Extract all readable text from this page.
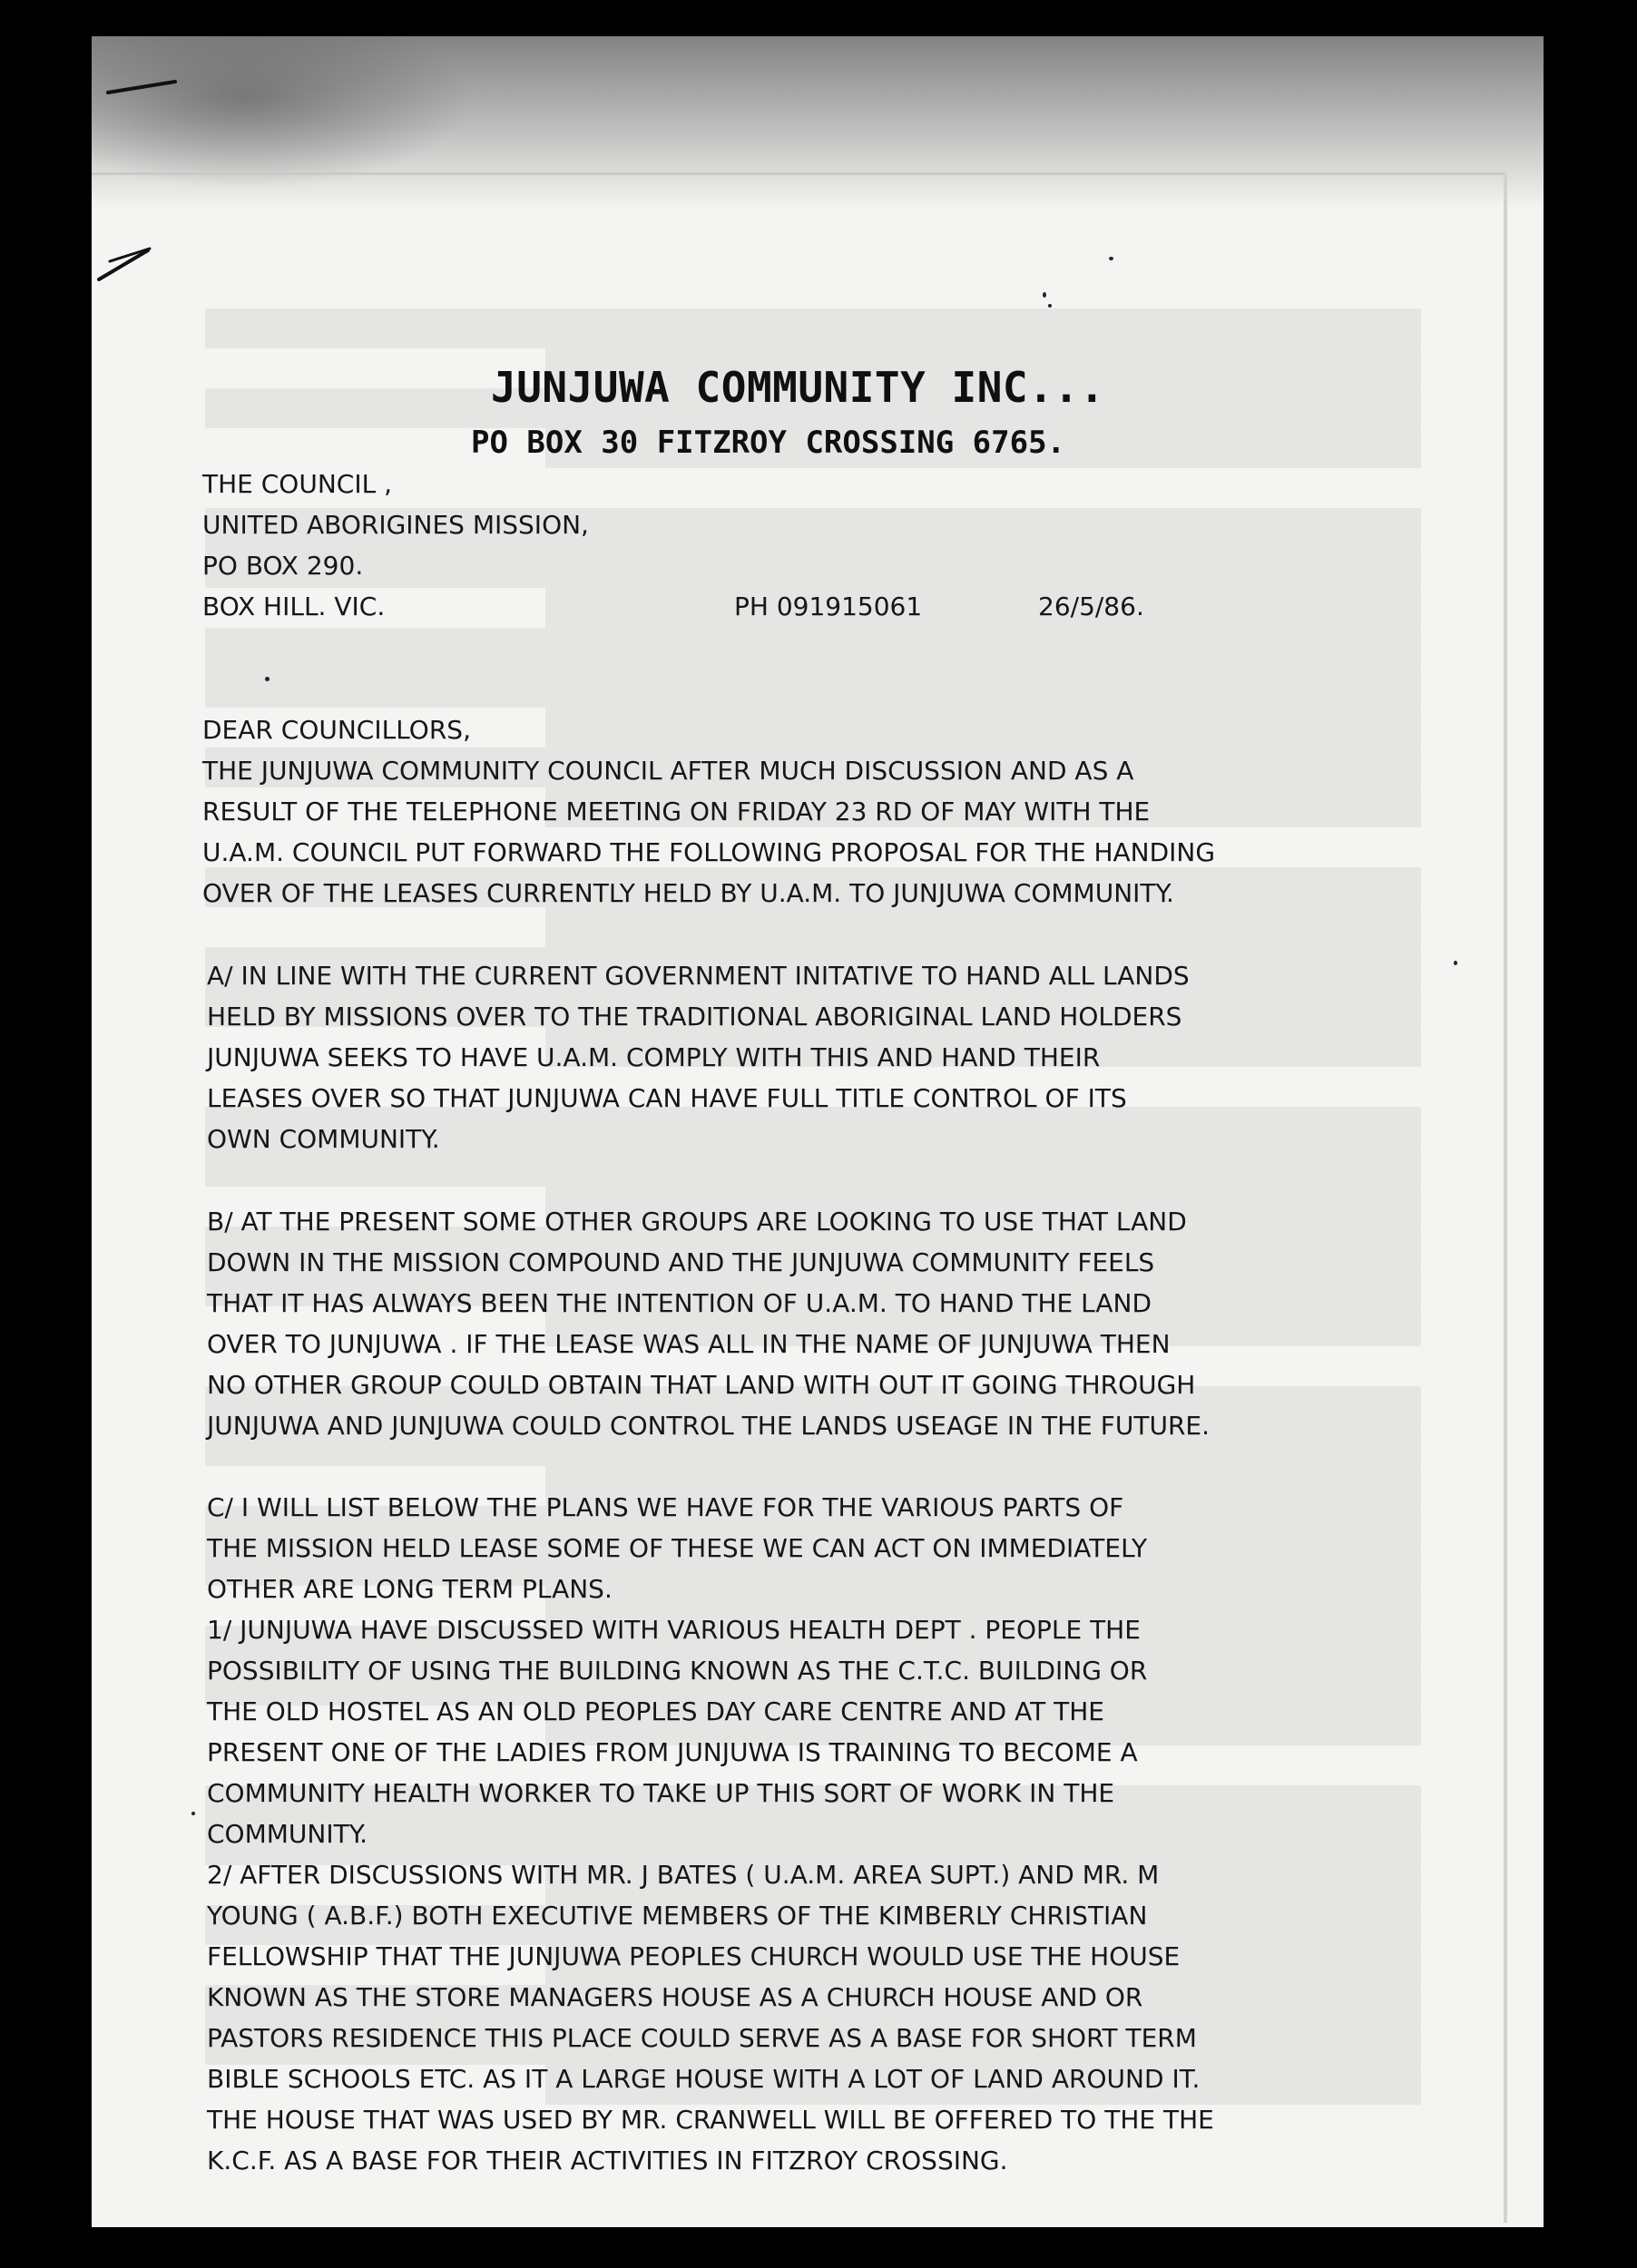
JUNJUWA COMMUNITY INC...
PO BOX 30 FITZROY CROSSING 6765.
THE COUNCIL ,
UNITED ABORIGINES MISSION,
PO BOX 290.
BOX HILL. VIC.	PH 091915061	26/5/86.
DEAR COUNCILLORS,
THE JUNJUWA COMMUNITY COUNCIL AFTER MUCH DISCUSSION AND AS A
RESULT OF THE TELEPHONE MEETING ON FRIDAY 23 RD OF MAY WITH THE
U.A.M. COUNCIL PUT FORWARD THE FOLLOWING PROPOSAL FOR THE HANDING
OVER OF THE LEASES CURRENTLY HELD BY U.A.M. TO JUNJUWA COMMUNITY.
A/ IN LINE WITH THE CURRENT GOVERNMENT INITATIVE TO HAND ALL LANDS
HELD BY MISSIONS OVER TO THE TRADITIONAL ABORIGINAL LAND HOLDERS
JUNJUWA SEEKS TO HAVE U.A.M. COMPLY WITH THIS AND HAND THEIR
LEASES OVER SO THAT JUNJUWA CAN HAVE FULL TITLE CONTROL OF ITS
OWN COMMUNITY.
B/ AT THE PRESENT SOME OTHER GROUPS ARE LOOKING TO USE THAT LAND
DOWN IN THE MISSION COMPOUND AND THE JUNJUWA COMMUNITY FEELS
THAT IT HAS ALWAYS BEEN THE INTENTION OF U.A.M. TO HAND THE LAND
OVER TO JUNJUWA . IF THE LEASE WAS ALL IN THE NAME OF JUNJUWA THEN
NO OTHER GROUP COULD OBTAIN THAT LAND WITH OUT IT GOING THROUGH
JUNJUWA AND JUNJUWA COULD CONTROL THE LANDS USEAGE IN THE FUTURE.
C/ I WILL LIST BELOW THE PLANS WE HAVE FOR THE VARIOUS PARTS OF
THE MISSION HELD LEASE SOME OF THESE WE CAN ACT ON IMMEDIATELY
OTHER ARE LONG TERM PLANS.
1/ JUNJUWA HAVE DISCUSSED WITH VARIOUS HEALTH DEPT . PEOPLE THE
POSSIBILITY OF USING THE BUILDING KNOWN AS THE C.T.C. BUILDING OR
THE OLD HOSTEL AS AN OLD PEOPLES DAY CARE CENTRE AND AT THE
PRESENT ONE OF THE LADIES FROM JUNJUWA IS TRAINING TO BECOME A
COMMUNITY HEALTH WORKER TO TAKE UP THIS SORT OF WORK IN THE
COMMUNITY.
2/ AFTER DISCUSSIONS WITH MR. J BATES ( U.A.M. AREA SUPT.) AND MR. M
YOUNG ( A.B.F.) BOTH EXECUTIVE MEMBERS OF THE KIMBERLY CHRISTIAN
FELLOWSHIP THAT THE JUNJUWA PEOPLES CHURCH WOULD USE THE HOUSE
KNOWN AS THE STORE MANAGERS HOUSE AS A CHURCH HOUSE AND OR
PASTORS RESIDENCE THIS PLACE COULD SERVE AS A BASE FOR SHORT TERM
BIBLE SCHOOLS ETC. AS IT A LARGE HOUSE WITH A LOT OF LAND AROUND IT.
THE HOUSE THAT WAS USED BY MR. CRANWELL WILL BE OFFERED TO THE THE
K.C.F. AS A BASE FOR THEIR ACTIVITIES IN FITZROY CROSSING.
